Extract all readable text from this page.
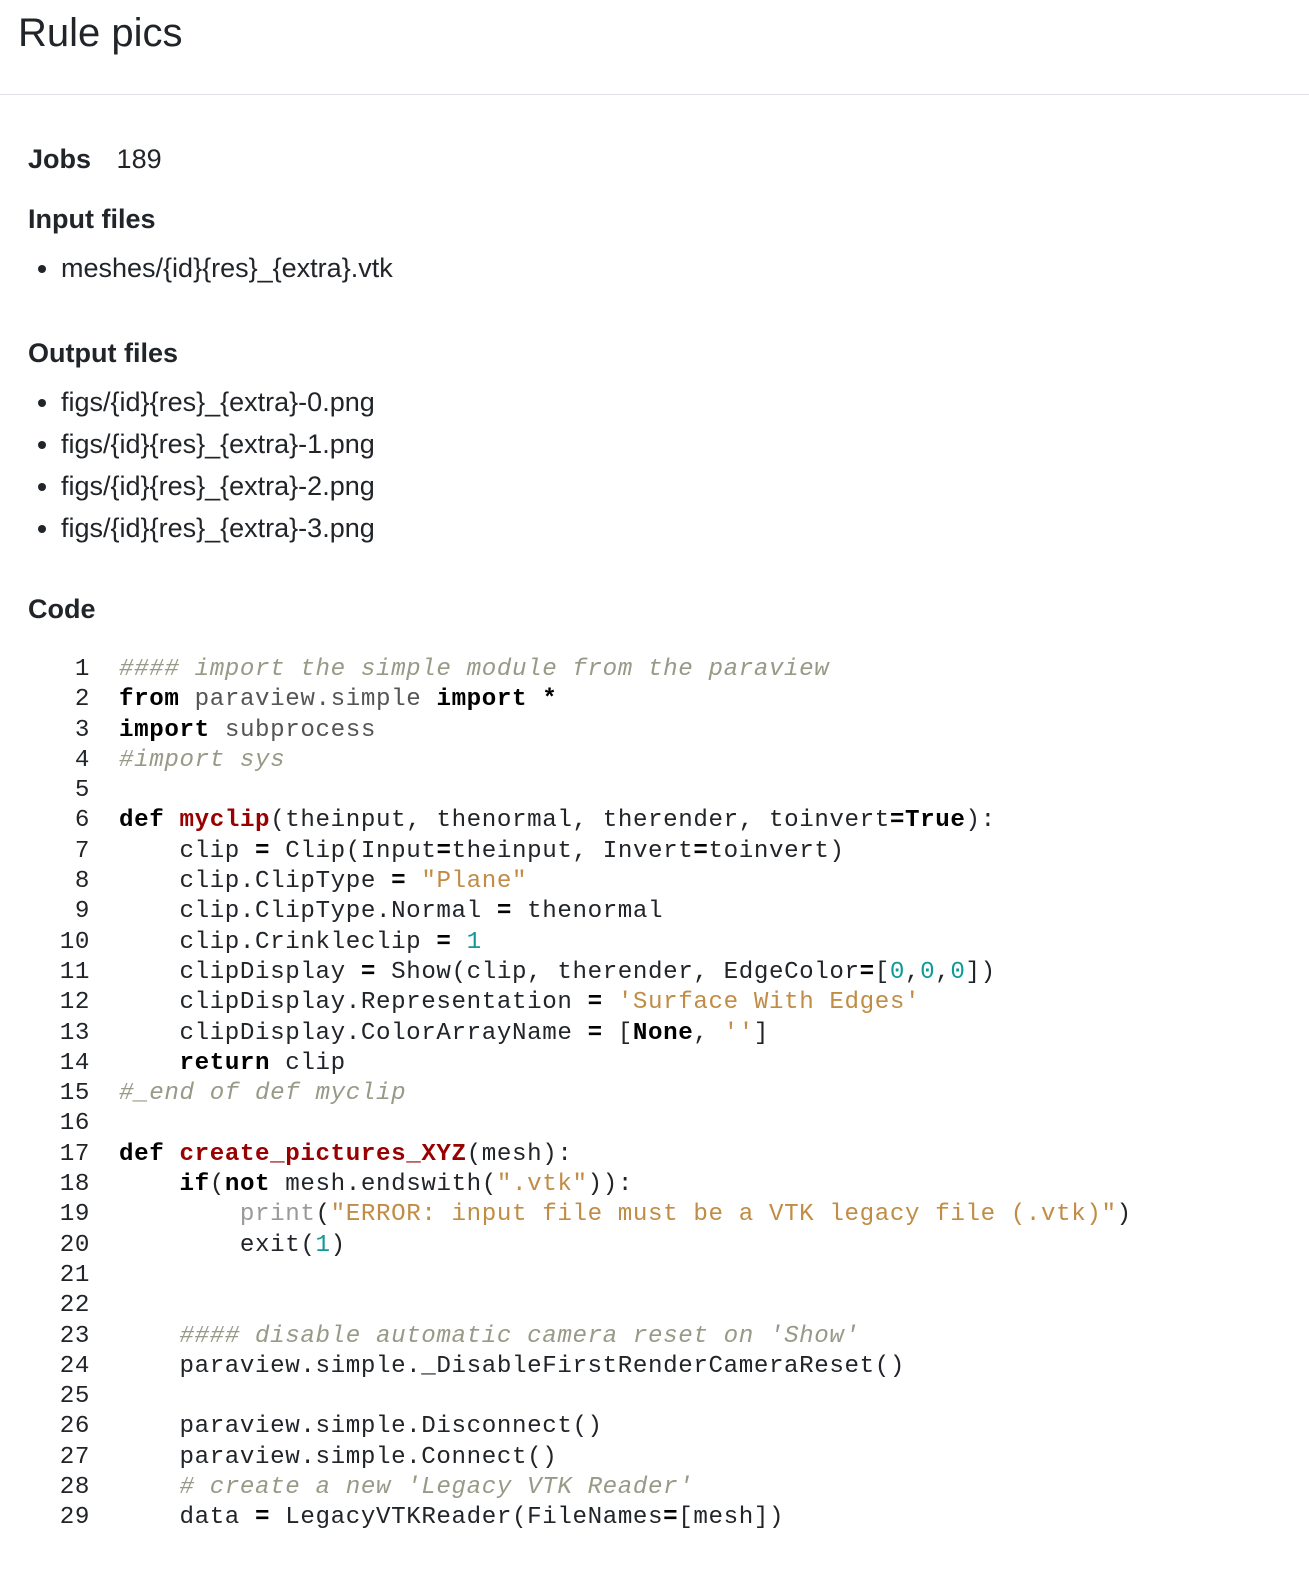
Rule pics
Jobs 189
Input files
• meshes/{id}{res}_{extra}.vtk
Output files
• figs/{id}{res}_{extra}-0.png
• figs/{id}{res}_{extra}-1.png
• figs/{id}{res}_{extra}-2.png
• figs/{id}{res}_{extra}-3.png
Code
1	#### import the simple module from the paraview
2	from paraview.simple import *
3	import subprocess
4	#import sys
5
6	def myclip(theinput, thenormal, therender, toinvert=True):
7	clip = Clip(Input=theinput, Invert=toinvert)
8	clip.ClipType = "Plane"
9	clip.ClipType.Normal = thenormal
10	clip.Crinkleclip = 1
11	clipDisplay = Show(clip, therender, EdgeColor=[0,0,0])
12	clipDisplay.Representation = 'Surface With Edges'
13	clipDisplay.ColorArrayName = [None, '']
14	return clip
15	#_end of def myclip
16
17	def create_pictures_XYZ(mesh):
18	if(not mesh.endswith(".vtk")):
19	print("ERROR: input file must be a VTK legacy file (.vtk)")
20	exit(1)
21
22
23	#### disable automatic camera reset on 'Show'
24	paraview.simple._DisableFirstRenderCameraReset()
25
26	paraview.simple.Disconnect()
27	paraview.simple.Connect()
28	# create a new 'Legacy VTK Reader'
29	data = LegacyVTKReader(FileNames=[mesh])
